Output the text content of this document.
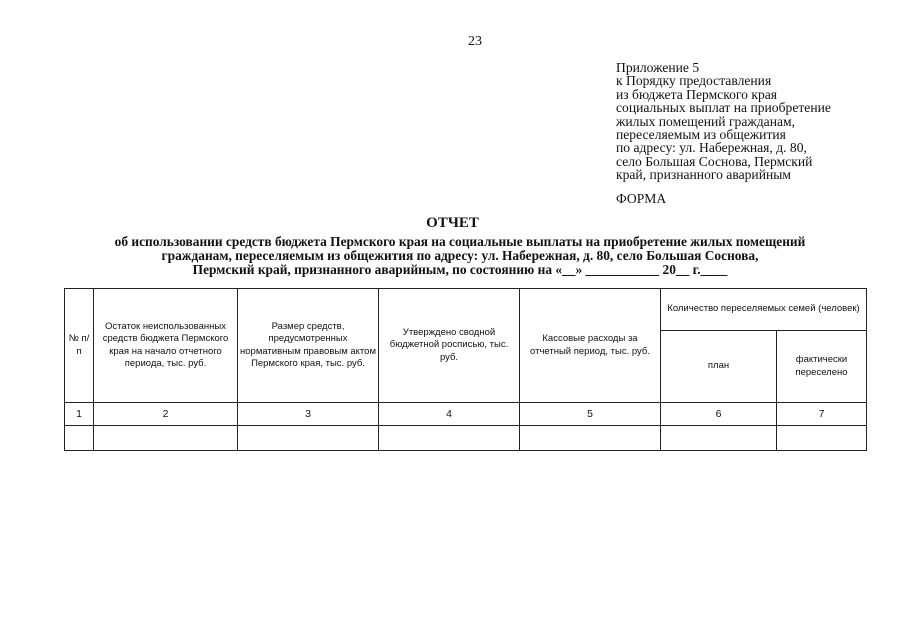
23
Приложение 5
к Порядку предоставления
из бюджета Пермского края
социальных выплат на приобретение
жилых помещений гражданам,
переселяемым из общежития
по адресу: ул. Набережная, д. 80,
село Большая Соснова, Пермский
край, признанного аварийным
ФОРМА
ОТЧЕТ
об использовании средств бюджета Пермского края на социальные выплаты на приобретение жилых помещений
гражданам, переселяемым из общежития по адресу: ул. Набережная, д. 80, село Большая Соснова,
Пермский край, признанного аварийным, по состоянию на «__» ___________ 20__ г.____
№ п/п	Остаток неиспользованных средств бюджета Пермского края на начало отчетного периода, тыс. руб.	Размер средств, предусмотренных нормативным правовым актом Пермского края, тыс. руб.	Утверждено сводной бюджетной росписью, тыс. руб.	Кассовые расходы за отчетный период, тыс. руб.	Количество переселяемых семей (человек)	
					план	фактически переселено
1	2	3	4	5	6	7
